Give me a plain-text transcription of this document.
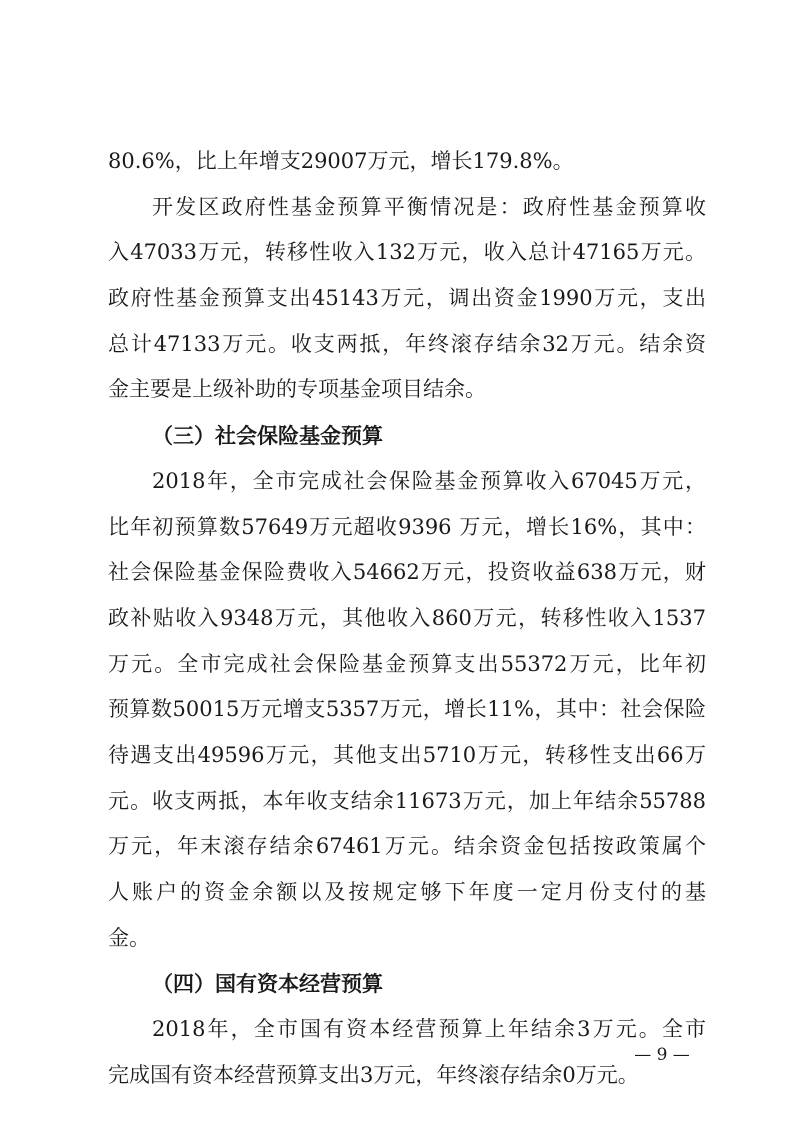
80.6%，比上年增支29007万元，增长179.8%。
开发区政府性基金预算平衡情况是：政府性基金预算收
入47033万元，转移性收入132万元，收入总计47165万元。
政府性基金预算支出45143万元，调出资金1990万元，支出
总计47133万元。收支两抵，年终滚存结余32万元。结余资
金主要是上级补助的专项基金项目结余。
（三）社会保险基金预算
2018年，全市完成社会保险基金预算收入67045万元，
比年初预算数57649万元超收9396 万元，增长16%，其中：
社会保险基金保险费收入54662万元，投资收益638万元，财
政补贴收入9348万元，其他收入860万元，转移性收入1537
万元。全市完成社会保险基金预算支出55372万元，比年初
预算数50015万元增支5357万元，增长11%，其中：社会保险
待遇支出49596万元，其他支出5710万元，转移性支出66万
元。收支两抵，本年收支结余11673万元，加上年结余55788
万元，年末滚存结余67461万元。结余资金包括按政策属个
人账户的资金余额以及按规定够下年度一定月份支付的基
金。
（四）国有资本经营预算
2018年，全市国有资本经营预算上年结余3万元。全市
完成国有资本经营预算支出3万元，年终滚存结余0万元。
— 9 —
